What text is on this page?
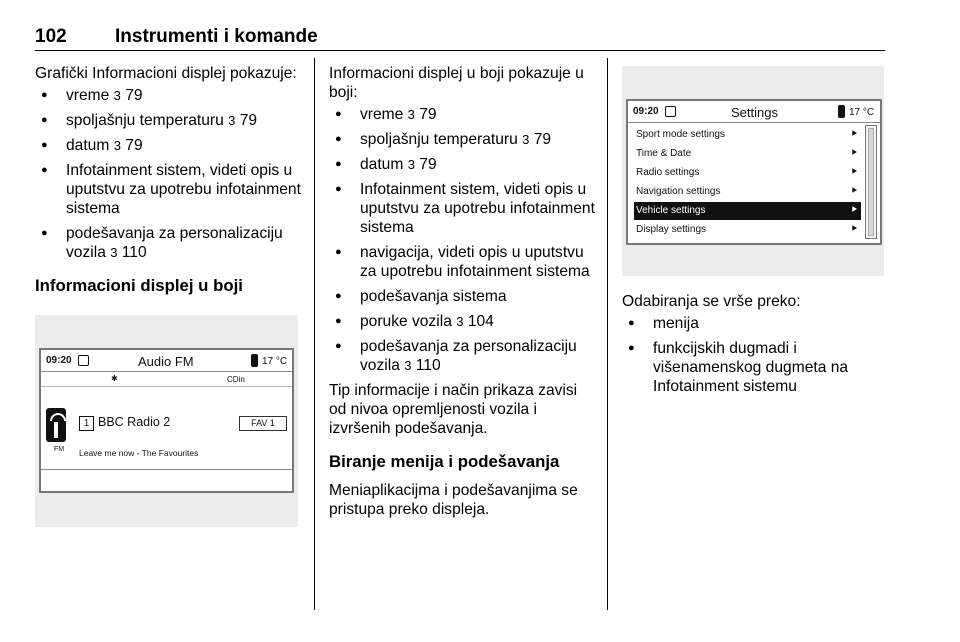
102	Instrumenti i komande

Grafički Informacioni displej pokazuje:

● vreme 3 79
● spoljašnju temperaturu 3 79
● datum 3 79
● Infotainment sistem, videti opis u uputstvu za upotrebu infotainment sistema
● podešavanja za personalizaciju vozila 3 110
Informacioni displej u boji
09:20	Audio FM	17 °C
✱	CDin
FM
1 BBC Radio 2	FAV 1
Leave me now - The Favourites

Informacioni displej u boji pokazuje u boji:

● vreme 3 79
● spoljašnju temperaturu 3 79
● datum 3 79
● Infotainment sistem, videti opis u uputstvu za upotrebu infotainment sistema
● navigacija, videti opis u uputstvu za upotrebu infotainment sistema
● podešavanja sistema
● poruke vozila 3 104
● podešavanja za personalizaciju vozila 3 110

Tip informacije i način prikaza zavisi od nivoa opremljenosti vozila i izvršenih podešavanja.

Biranje menija i podešavanja

Meniaplikacijma i podešavanjima se pristupa preko displeja.

09:20	Settings	17 °C
Sport mode settings	⯈
Time & Date	⯈
Radio settings	⯈
Navigation settings	⯈
Vehicle settings	⯈
Display settings	⯈

Odabiranja se vrše preko:

● menija
● funkcijskih dugmadi i višenamenskog dugmeta na Infotainment sistemu
